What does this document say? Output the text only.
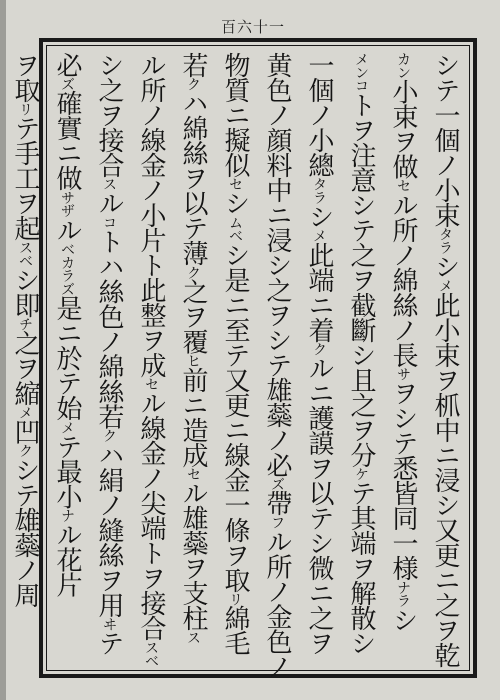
百六十一
シテ一個ノ小束タラシメ此小束ヲ枛中ニ浸シ又更ニ之ヲ乾
カン小束ヲ做セル所ノ綿絲ノ長サヲシテ悉皆同一様ナラシ
メンコトヲ注意シテ之ヲ截斷シ且之ヲ分ケテ其端ヲ解散シ
一個ノ小總タラシメ此端ニ着クルニ護謨ヲ以テシ微ニ之ヲ
黄色ノ顔料中ニ浸シ之ヲシテ雄蘂ノ必ズ帶フル所ノ金色ノ
物質ニ擬似セシムベシ是ニ至テ又更ニ線金一條ヲ取リ綿毛
若クハ綿絲ヲ以テ薄ク之ヲ覆ヒ前ニ造成セル雄蘂ヲ支柱ス
ル所ノ線金ノ小片ト此整ヲ成セル線金ノ尖端トヲ接合スベ
シ之ヲ接合スルコトハ絲色ノ綿絲若クハ絹ノ縫絲ヲ用ヰテ
必ズ確實ニ做サザルベカラズ是ニ於テ始メテ最小ナル花片
ヲ取リテ手工ヲ起スベシ即チ之ヲ縮メ凹クシテ雄蘂ノ周
